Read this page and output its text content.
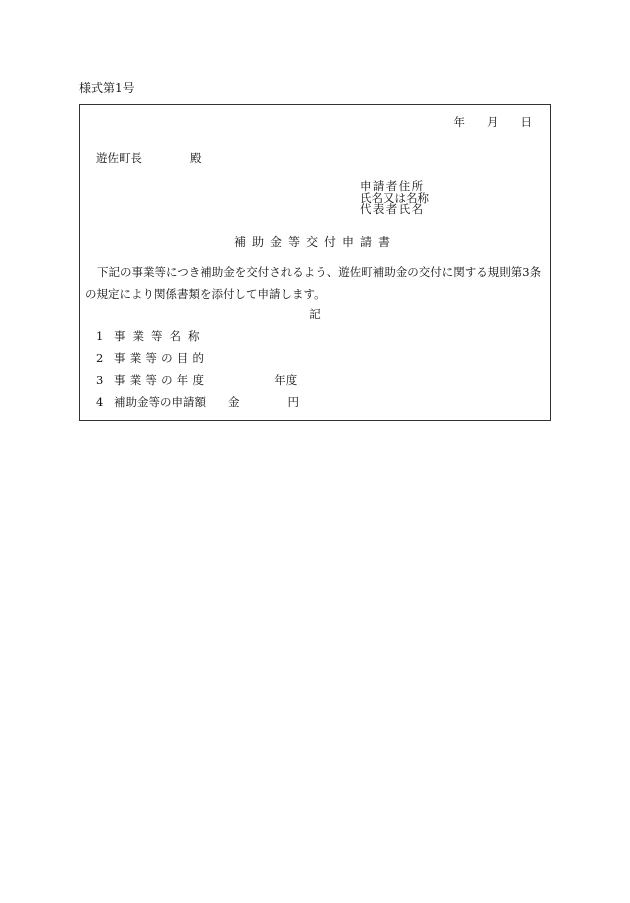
様式第1号
年 月 日
遊佐町長	殿
申請者住所
氏名又は名称
代表者氏名
補助金等交付申請書
下記の事業等につき補助金を交付されるよう、遊佐町補助金の交付に関する規則第3条の規定により関係書類を添付して申請します。
記
1 事業等名称
2 事業等の目的
3 事業等の年度	年度
4 補助金等の申請額 金	円
